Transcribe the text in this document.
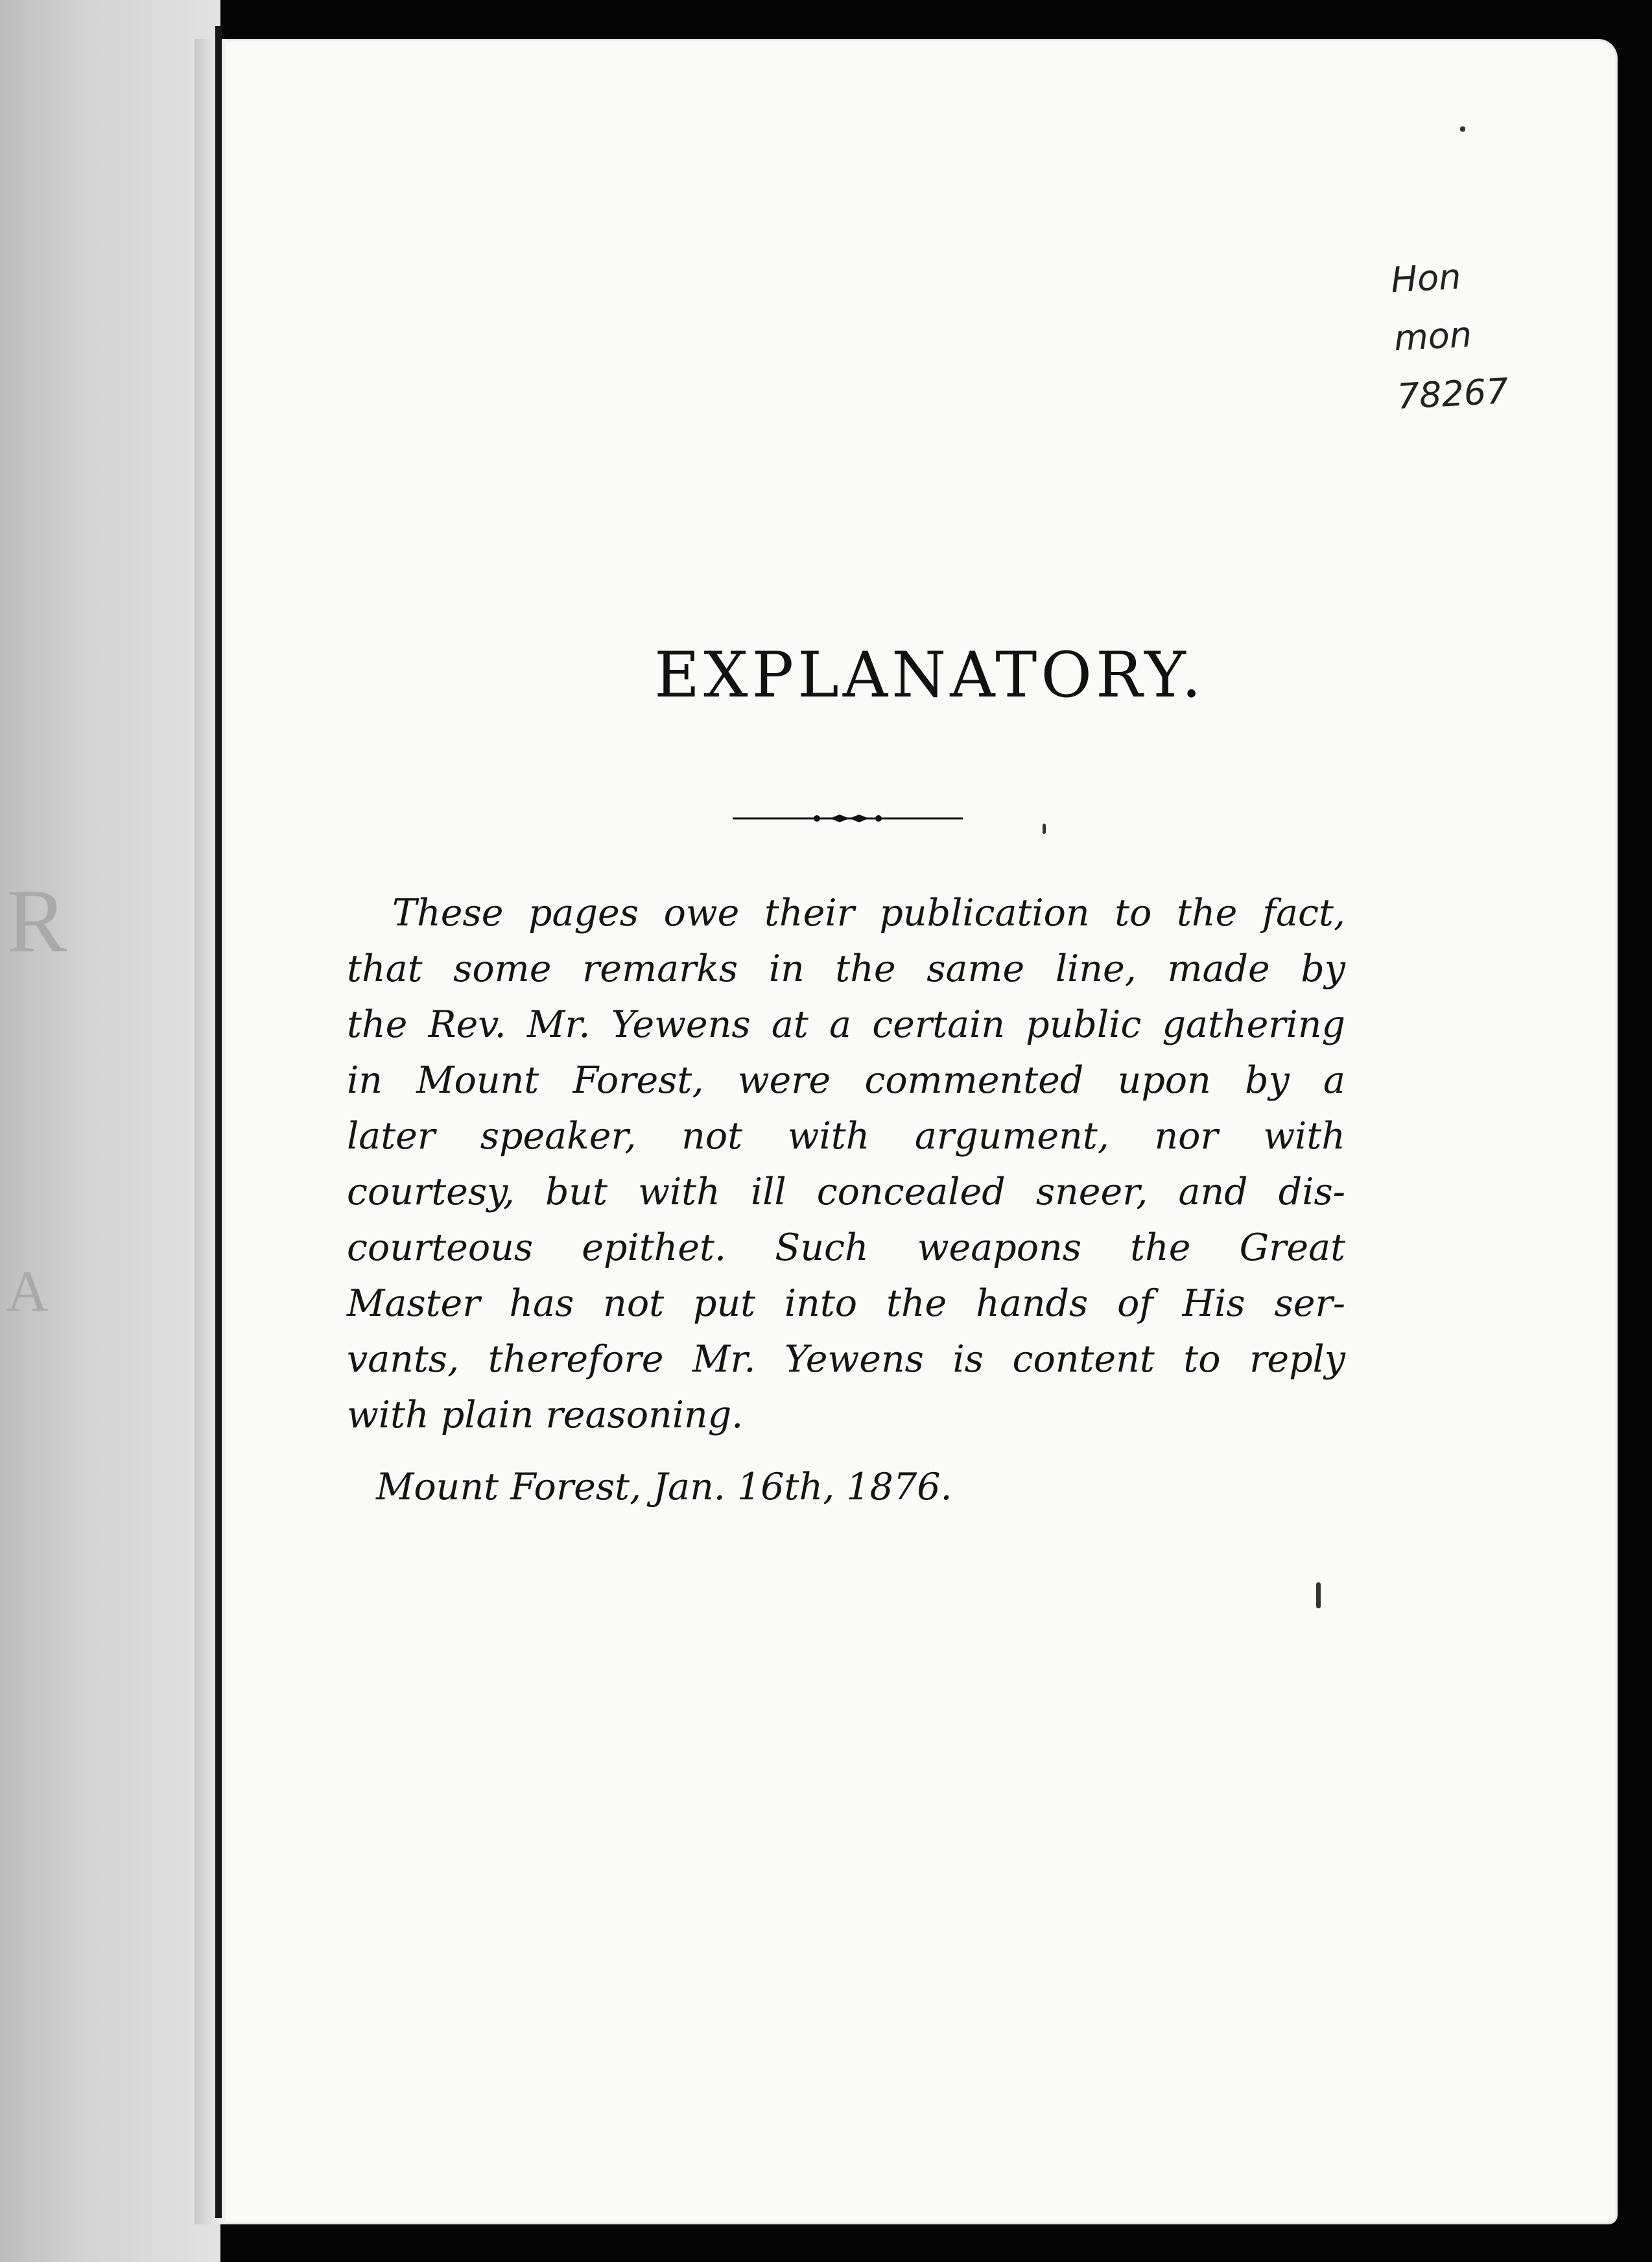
R
A
Hon
mon
78267
EXPLANATORY.
These pages owe their publication to the fact,
that some remarks in the same line, made by
the Rev. Mr. Yewens at a certain public gathering
in Mount Forest, were commented upon by a
later speaker, not with argument, nor with
courtesy, but with ill concealed sneer, and dis-
courteous epithet. Such weapons the Great
Master has not put into the hands of His ser-
vants, therefore Mr. Yewens is content to reply
with plain reasoning.
Mount Forest, Jan. 16th, 1876.
